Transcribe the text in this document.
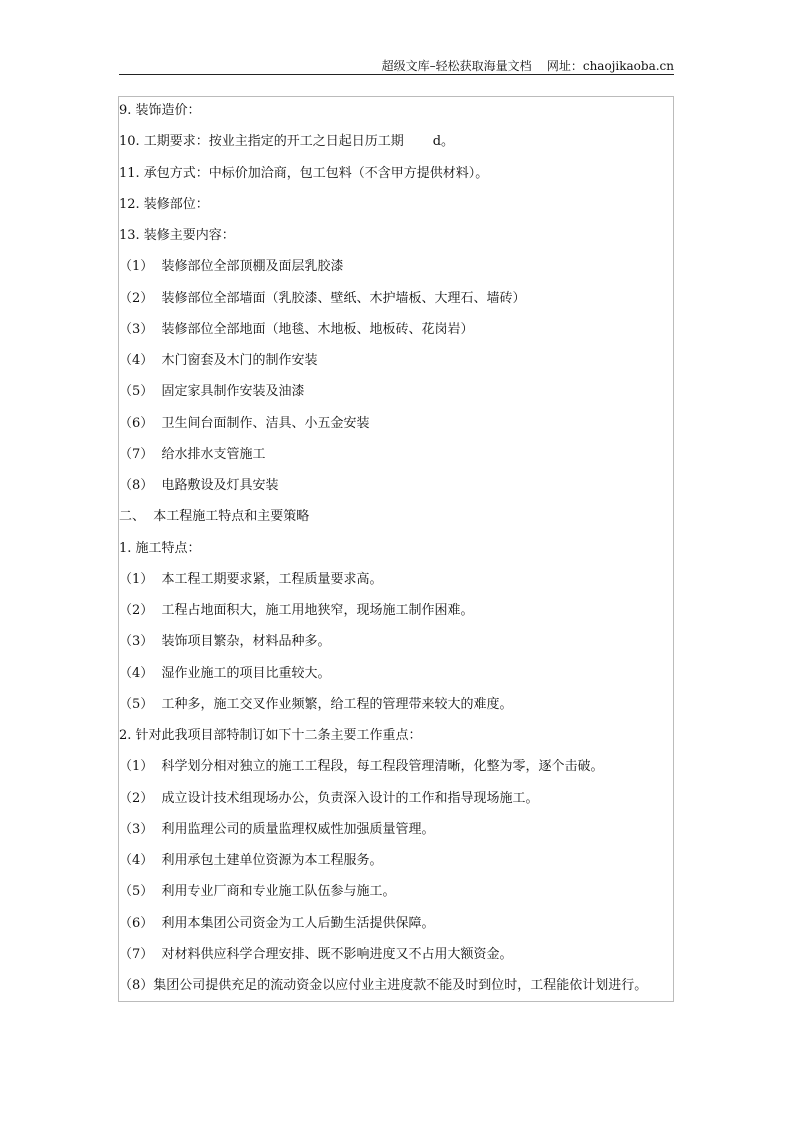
超级文库–轻松获取海量文档    网址：chaojikaoba.cn
9. 装饰造价：
10. 工期要求：按业主指定的开工之日起日历工期       d。
11. 承包方式：中标价加洽商，包工包料（不含甲方提供材料）。
12. 装修部位：
13. 装修主要内容：
（1）  装修部位全部顶棚及面层乳胶漆
（2）  装修部位全部墙面（乳胶漆、壁纸、木护墙板、大理石、墙砖）
（3）  装修部位全部地面（地毯、木地板、地板砖、花岗岩）
（4）  木门窗套及木门的制作安装
（5）  固定家具制作安装及油漆
（6）  卫生间台面制作、洁具、小五金安装
（7）  给水排水支管施工
（8）  电路敷设及灯具安装
二、  本工程施工特点和主要策略
1. 施工特点：
（1）  本工程工期要求紧，工程质量要求高。
（2）  工程占地面积大，施工用地狭窄，现场施工制作困难。
（3）  装饰项目繁杂，材料品种多。
（4）  湿作业施工的项目比重较大。
（5）  工种多，施工交叉作业频繁，给工程的管理带来较大的难度。
2. 针对此我项目部特制订如下十二条主要工作重点：
（1）  科学划分相对独立的施工工程段，每工程段管理清晰，化整为零，逐个击破。
（2）  成立设计技术组现场办公，负责深入设计的工作和指导现场施工。
（3）  利用监理公司的质量监理权威性加强质量管理。
（4）  利用承包土建单位资源为本工程服务。
（5）  利用专业厂商和专业施工队伍参与施工。
（6）  利用本集团公司资金为工人后勤生活提供保障。
（7）  对材料供应科学合理安排、既不影响进度又不占用大额资金。
（8）集团公司提供充足的流动资金以应付业主进度款不能及时到位时，工程能依计划进行。
